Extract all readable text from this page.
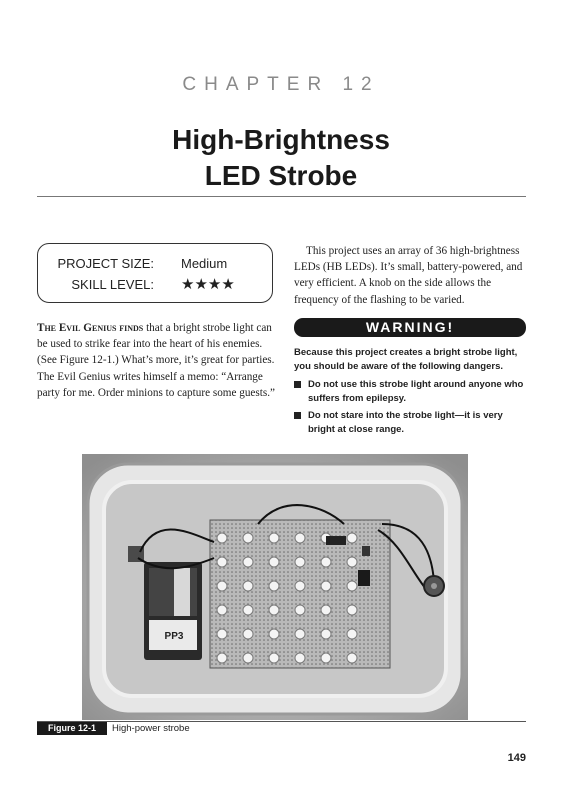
CHAPTER 12
High-Brightness
LED Strobe
PROJECT SIZE: Medium
SKILL LEVEL: ★★★★
The Evil Genius finds that a bright strobe light can be used to strike fear into the heart of his enemies. (See Figure 12-1.) What’s more, it’s great for parties. The Evil Genius writes himself a memo: “Arrange party for me. Order minions to capture some guests.”
This project uses an array of 36 high-brightness LEDs (HB LEDs). It’s small, battery-powered, and very efficient. A knob on the side allows the frequency of the flashing to be varied.
WARNING!
Because this project creates a bright strobe light, you should be aware of the following dangers.
Do not use this strobe light around anyone who suffers from epilepsy.
Do not stare into the strobe light—it is very bright at close range.
PP3
Figure 12-1	High-power strobe
149
